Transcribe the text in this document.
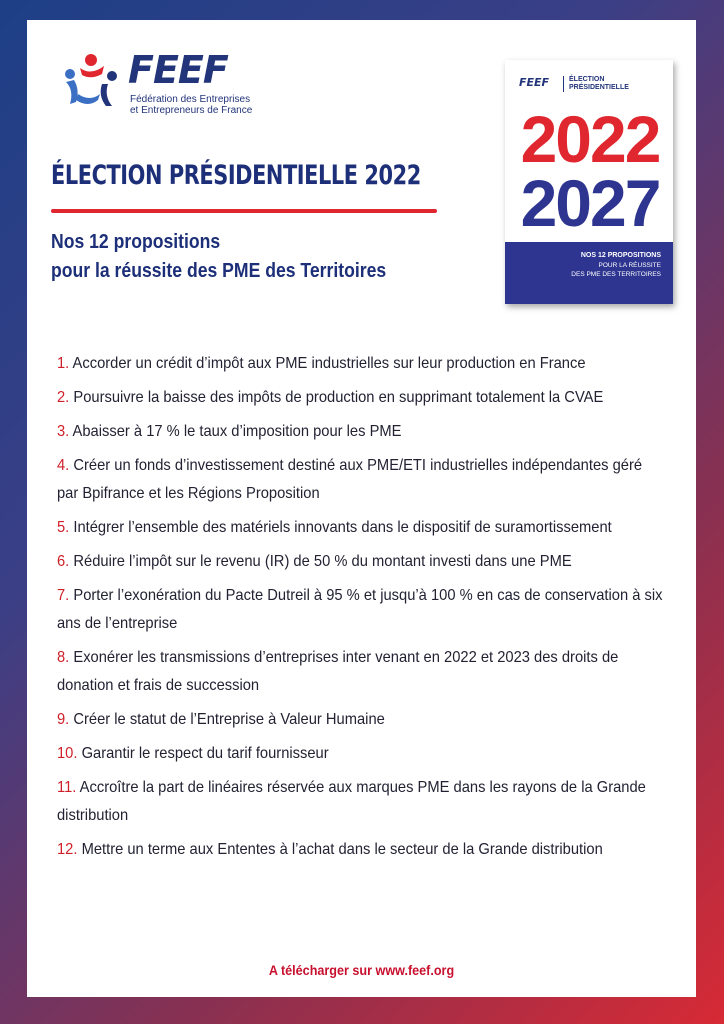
FEEF
Fédération des Entreprises
et Entrepreneurs de France
ÉLECTION PRÉSIDENTIELLE 2022
Nos 12 propositions
pour la réussite des PME des Territoires
FEEF	ÉLECTION
PRÉSIDENTIELLE
2022
2027
NOS 12 PROPOSITIONS
POUR LA RÉUSSITE
DES PME DES TERRITOIRES
1. Accorder un crédit d’impôt aux PME industrielles sur leur production en France
2. Poursuivre la baisse des impôts de production en supprimant totalement la CVAE
3. Abaisser à 17 % le taux d’imposition pour les PME
4. Créer un fonds d’investissement destiné aux PME/ETI industrielles indépendantes géré par Bpifrance et les Régions Proposition
5. Intégrer l’ensemble des matériels innovants dans le dispositif de suramortissement
6. Réduire l’impôt sur le revenu (IR) de 50 % du montant investi dans une PME
7. Porter l’exonération du Pacte Dutreil à 95 % et jusqu’à 100 % en cas de conservation à six ans de l’entreprise
8. Exonérer les transmissions d’entreprises inter venant en 2022 et 2023 des droits de donation et frais de succession
9. Créer le statut de l’Entreprise à Valeur Humaine
10. Garantir le respect du tarif fournisseur
11. Accroître la part de linéaires réservée aux marques PME dans les rayons de la Grande distribution
12. Mettre un terme aux Ententes à l’achat dans le secteur de la Grande distribution
A télécharger sur www.feef.org
